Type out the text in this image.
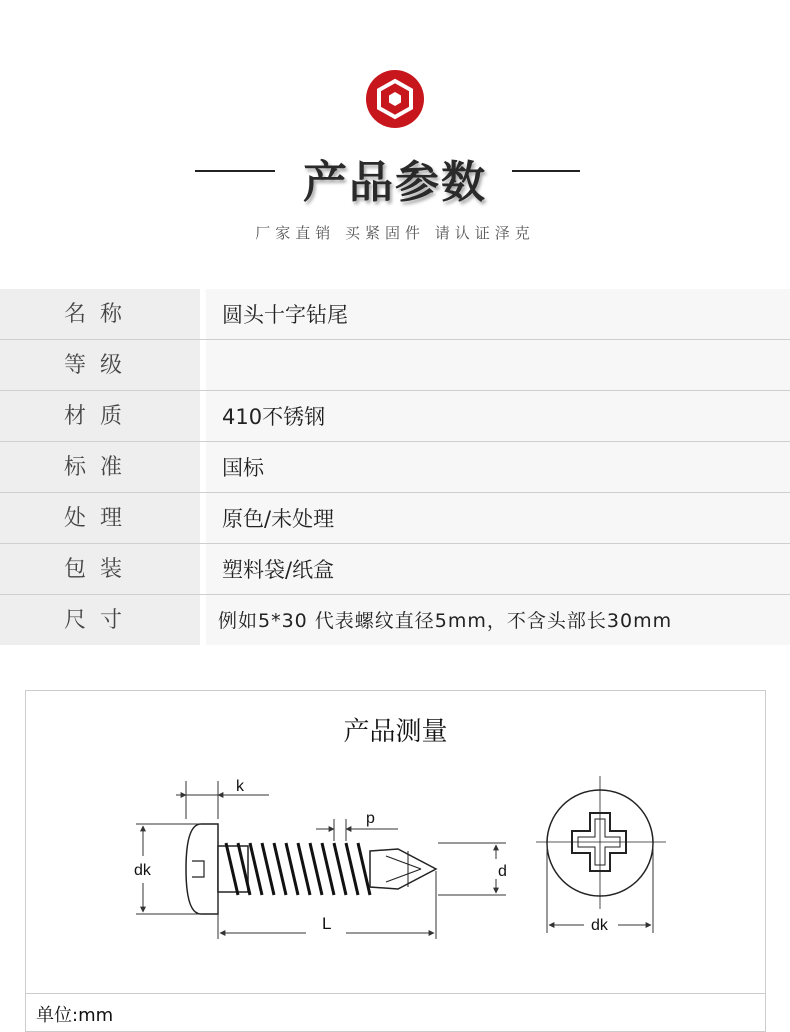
产品参数
厂家直销 买紧固件 请认证泽克
名称	圆头十字钻尾
等级
材质	410不锈钢
标准	国标
处理	原色/未处理
包装	塑料袋/纸盒
尺寸	例如5*30 代表螺纹直径5mm，不含头部长30mm
产品测量
k
p
dk	d
L	dk
单位:mm
